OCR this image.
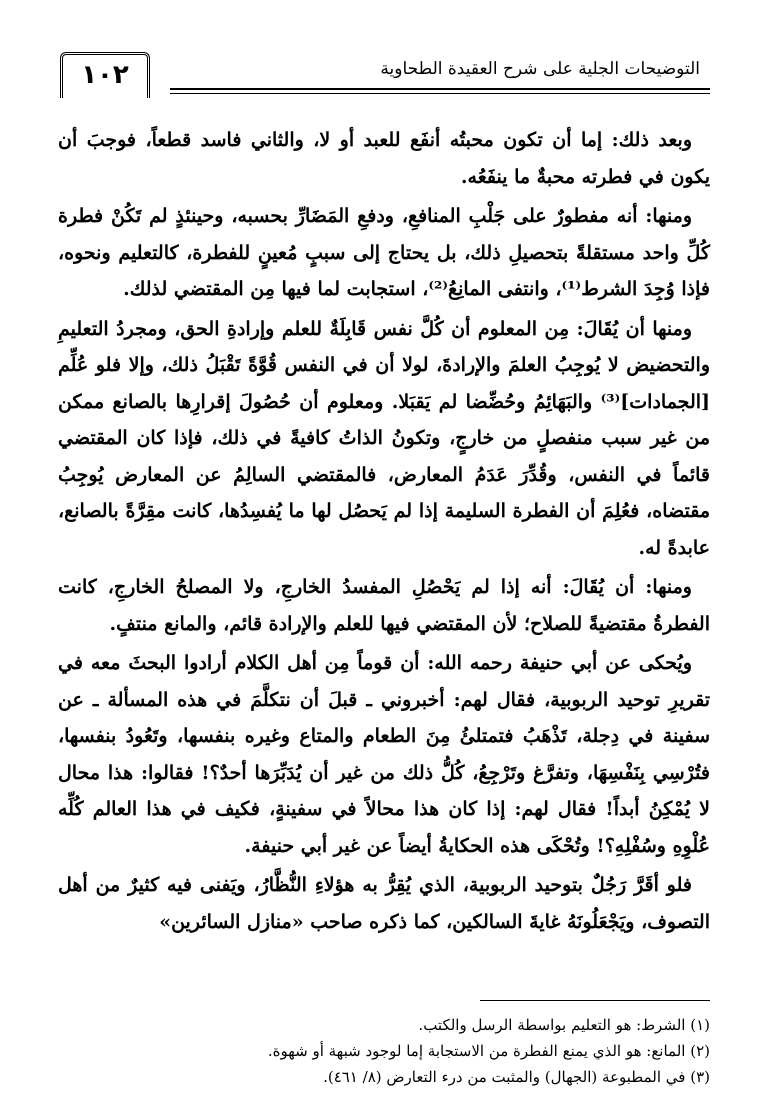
التوضيحات الجلية على شرح العقيدة الطحاوية
١٠٢

وبعد ذلك: إما أن تكون محبتُه أنفَع للعبد أو لا، والثاني فاسد قطعاً، فوجبَ أن يكون في فطرته محبةٌ ما ينفَعُه.

ومنها: أنه مفطورٌ على جَلْبِ المنافعِ، ودفعِ المَضَارِّ بحسبه، وحينئذٍ لم تَكُنْ فطرة كُلِّ واحد مستقلةً بتحصيلِ ذلك، بل يحتاج إلى سببٍ مُعينٍ للفطرة، كالتعليم ونحوه، فإذا وُجِدَ الشرط⁽¹⁾، وانتفى المانِعُ⁽²⁾، استجابت لما فيها مِن المقتضي لذلك.

ومنها أن يُقَالَ: مِن المعلوم أن كُلَّ نفس قَابِلَةٌ للعلم وإرادةِ الحق، ومجردُ التعليمِ والتحضيض لا يُوجِبُ العلمَ والإرادةَ، لولا أن في النفس قُوَّةً تَقْبَلُ ذلك، وإلا فلو عُلِّم [الجمادات]⁽³⁾ والبَهَائِمُ وحُضِّضا لم يَقبَلا. ومعلوم أن حُصُولَ إقرارِها بالصانع ممكن من غير سبب منفصلٍ من خارجٍ، وتكونُ الذاتُ كافيةً في ذلك، فإذا كان المقتضي قائماً في النفس، وقُدِّرَ عَدَمُ المعارض، فالمقتضي السالِمُ عن المعارض يُوجِبُ مقتضاه، فعُلِمَ أن الفطرة السليمة إذا لم يَحصُل لها ما يُفسِدُها، كانت مقِرَّةً بالصانع، عابدةً له.

ومنها: أن يُقَالَ: أنه إذا لم يَحْصُلِ المفسدُ الخارجِ، ولا المصلحُ الخارجِ، كانت الفطرةُ مقتضيةً للصلاح؛ لأن المقتضي فيها للعلم والإرادة قائم، والمانع منتفٍ.

ويُحكى عن أبي حنيفة رحمه الله: أن قوماً مِن أهل الكلام أرادوا البحثَ معه في تقريرِ توحيد الربوبية، فقال لهم: أخبروني ـ قبلَ أن نتكلَّمَ في هذه المسألة ـ عن سفينة في دِجلة، تَذْهَبُ فتمتلئُ مِنَ الطعام والمتاع وغيره بنفسها، وتَعُودُ بنفسها، فتُرْسِي بِنَفْسِهَا، وتفرَّغ وتَرْجِعُ، كُلُّ ذلك من غير أن يُدَبِّرَها أحدٌ؟! فقالوا: هذا محال لا يُمْكِنُ أبداً! فقال لهم: إذا كان هذا محالاً في سفينةٍ، فكيف في هذا العالم كُلِّه عُلْوِهِ وسُفْلِهِ؟! وتُحْكَى هذه الحكايةُ أيضاً عن غير أبي حنيفة.

فلو أقَرَّ رَجُلٌ بتوحيد الربوبية، الذي يُقِرُّ به هؤلاءِ النُّظَّارُ، ويَفنى فيه كثيرٌ من أهل التصوف، ويَجْعَلُونَهُ غايةَ السالكين، كما ذكره صاحب «منازل السائرين»

(١) الشرط: هو التعليم بواسطة الرسل والكتب.

(٢) المانع: هو الذي يمنع الفطرة من الاستجابة إما لوجود شبهة أو شهوة.

(٣) في المطبوعة (الجهال) والمثبت من درء التعارض (٨/ ٤٦١).
